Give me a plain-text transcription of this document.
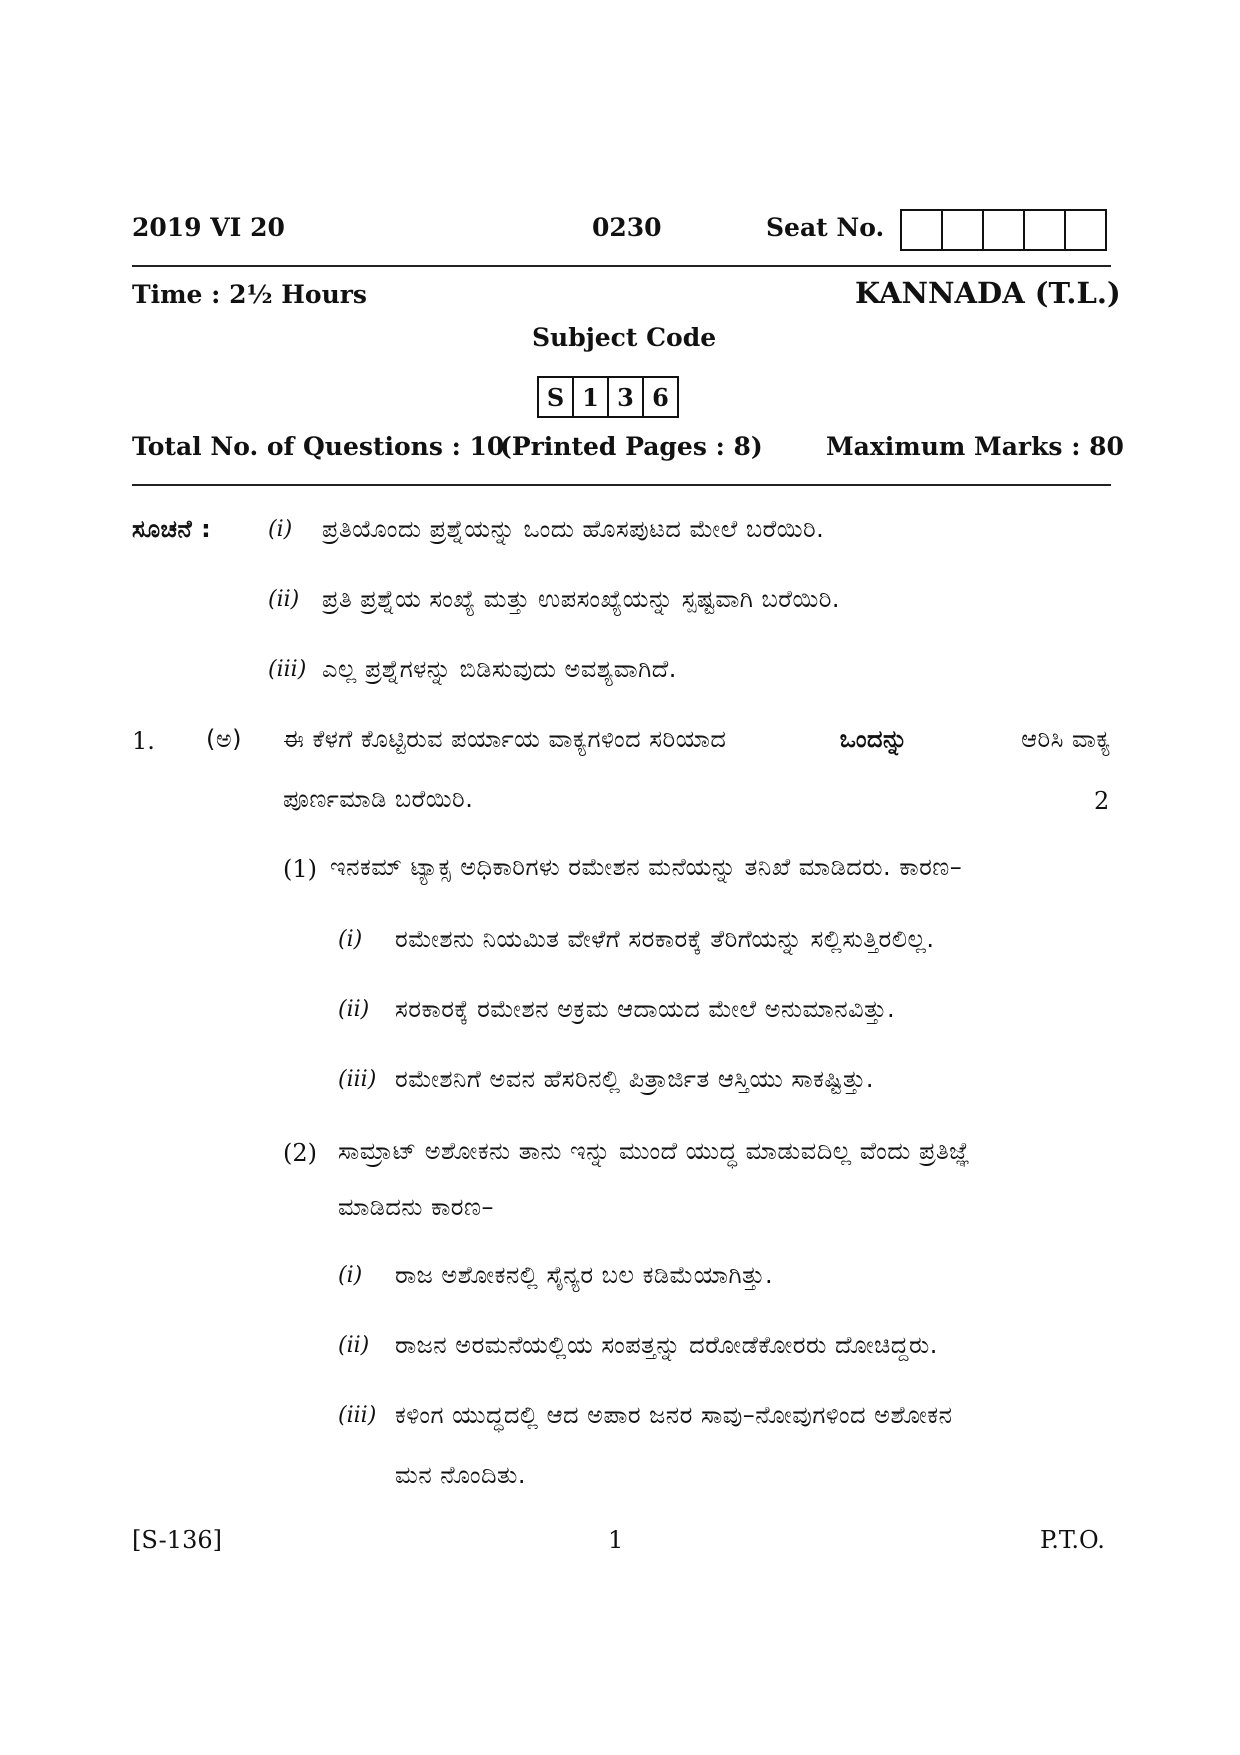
2019 VI 20	0230	Seat No.
Time : 2½ Hours	KANNADA (T.L.)
Subject Code
S 1 3 6
Total No. of Questions : 10
(Printed Pages : 8)	Maximum Marks : 80
ಸೂಚನೆ :	(i) ಪ್ರತಿಯೊಂದು ಪ್ರಶ್ನೆಯನ್ನು ಒಂದು ಹೊಸಪುಟದ ಮೇಲೆ ಬರೆಯಿರಿ.
(ii) ಪ್ರತಿ ಪ್ರಶ್ನೆಯ ಸಂಖ್ಯೆ ಮತ್ತು ಉಪಸಂಖ್ಯೆಯನ್ನು ಸ್ಪಷ್ಟವಾಗಿ ಬರೆಯಿರಿ.
(iii) ಎಲ್ಲ ಪ್ರಶ್ನೆಗಳನ್ನು ಬಿಡಿಸುವುದು ಅವಶ್ಯವಾಗಿದೆ.
1. (ಅ) ಈ ಕೆಳಗೆ ಕೊಟ್ಟಿರುವ ಪರ್ಯಾಯ ವಾಕ್ಯಗಳಿಂದ ಸರಿಯಾದ	ಒಂದನ್ನು	ಆರಿಸಿ ವಾಕ್ಯ
ಪೂರ್ಣಮಾಡಿ ಬರೆಯಿರಿ.	2
(1) ಇನಕಮ್ ಟ್ಯಾಕ್ಸ ಅಧಿಕಾರಿಗಳು ರಮೇಶನ ಮನೆಯನ್ನು ತನಿಖೆ ಮಾಡಿದರು. ಕಾರಣ–
(i) ರಮೇಶನು ನಿಯಮಿತ ವೇಳೆಗೆ ಸರಕಾರಕ್ಕೆ ತೆರಿಗೆಯನ್ನು ಸಲ್ಲಿಸುತ್ತಿರಲಿಲ್ಲ.
(ii) ಸರಕಾರಕ್ಕೆ ರಮೇಶನ ಅಕ್ರಮ ಆದಾಯದ ಮೇಲೆ ಅನುಮಾನವಿತ್ತು.
(iii) ರಮೇಶನಿಗೆ ಅವನ ಹೆಸರಿನಲ್ಲಿ ಪಿತ್ರಾರ್ಜಿತ ಆಸ್ತಿಯು ಸಾಕಷ್ಟಿತ್ತು.
(2) ಸಾಮ್ರಾಟ್ ಅಶೋಕನು ತಾನು ಇನ್ನು ಮುಂದೆ ಯುದ್ಧ ಮಾಡುವದಿಲ್ಲ ವೆಂದು ಪ್ರತಿಜ್ಞೆ
ಮಾಡಿದನು ಕಾರಣ–
(i) ರಾಜ ಅಶೋಕನಲ್ಲಿ ಸೈನ್ಯರ ಬಲ ಕಡಿಮೆಯಾಗಿತ್ತು.
(ii) ರಾಜನ ಅರಮನೆಯಲ್ಲಿಯ ಸಂಪತ್ತನ್ನು ದರೋಡೆಕೋರರು ದೋಚಿದ್ದರು.
(iii) ಕಳಿಂಗ ಯುದ್ಧದಲ್ಲಿ ಆದ ಅಪಾರ ಜನರ ಸಾವು–ನೋವುಗಳಿಂದ ಅಶೋಕನ
ಮನ ನೊಂದಿತು.
[S-136]	1	P.T.O.
